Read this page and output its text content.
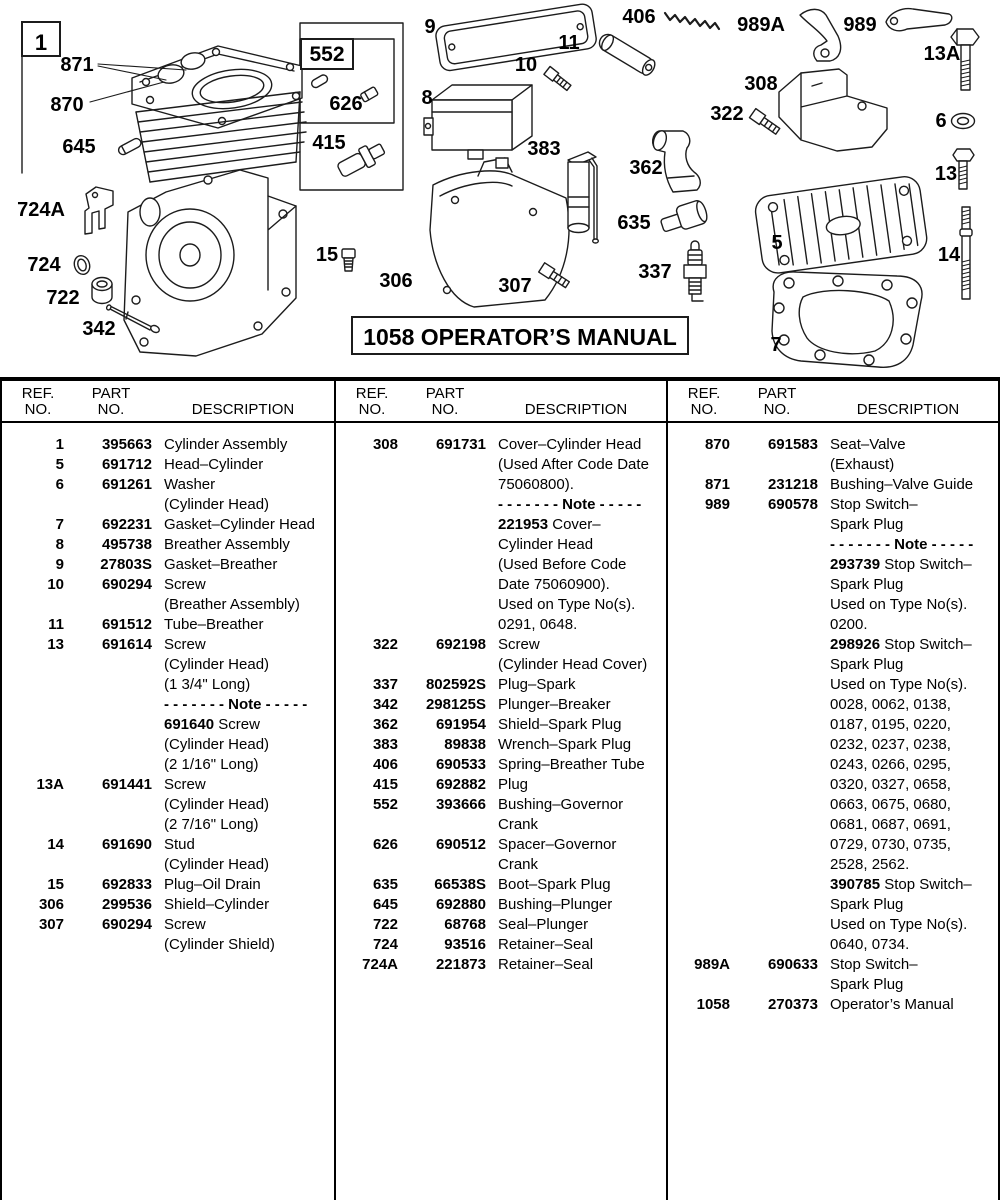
871
870
645
724A
724
722
342
626
415
15
306	307
9
10
11
8
383
362
635
337
406	989A	989
308
322
13A
6
13
14
5
7
1	552
1058 OPERATOR’S MANUAL
REF.
NO.
PART
NO.	DESCRIPTION
1	395663 Cylinder Assembly
5	691712 Head–Cylinder
6	691261 Washer
(Cylinder Head)
7	692231 Gasket–Cylinder Head
8	495738 Breather Assembly
9	27803S Gasket–Breather
10	690294 Screw
(Breather Assembly)
11	691512 Tube–Breather
13	691614 Screw
(Cylinder Head)
(1 3/4" Long)
- - - - - - - Note - - - - -
691640 Screw
(Cylinder Head)
(2 1/16" Long)
13A	691441 Screw
(Cylinder Head)
(2 7/16" Long)
14	691690 Stud
(Cylinder Head)
15	692833 Plug–Oil Drain
306	299536 Shield–Cylinder
307	690294 Screw
(Cylinder Shield)
REF.
NO.
PART
NO.	DESCRIPTION
308	691731 Cover–Cylinder Head
(Used After Code Date
75060800).
- - - - - - - Note - - - - -
221953 Cover–
Cylinder Head
(Used Before Code
Date 75060900).
Used on Type No(s).
0291, 0648.
322	692198 Screw
(Cylinder Head Cover)
337	802592S Plug–Spark
342	298125S Plunger–Breaker
362	691954 Shield–Spark Plug
383	89838 Wrench–Spark Plug
406	690533 Spring–Breather Tube
415	692882 Plug
552	393666 Bushing–Governor
Crank
626	690512 Spacer–Governor
Crank
635	66538S Boot–Spark Plug
645	692880 Bushing–Plunger
722	68768 Seal–Plunger
724	93516 Retainer–Seal
724A	221873 Retainer–Seal
REF.
NO.
PART
NO.	DESCRIPTION
870	691583 Seat–Valve
(Exhaust)
871	231218 Bushing–Valve Guide
989	690578 Stop Switch–
Spark Plug
- - - - - - - Note - - - - -
293739 Stop Switch–
Spark Plug
Used on Type No(s).
0200.
298926 Stop Switch–
Spark Plug
Used on Type No(s).
0028, 0062, 0138,
0187, 0195, 0220,
0232, 0237, 0238,
0243, 0266, 0295,
0320, 0327, 0658,
0663, 0675, 0680,
0681, 0687, 0691,
0729, 0730, 0735,
2528, 2562.
390785 Stop Switch–
Spark Plug
Used on Type No(s).
0640, 0734.
989A	690633 Stop Switch–
Spark Plug
1058	270373 Operator’s Manual
